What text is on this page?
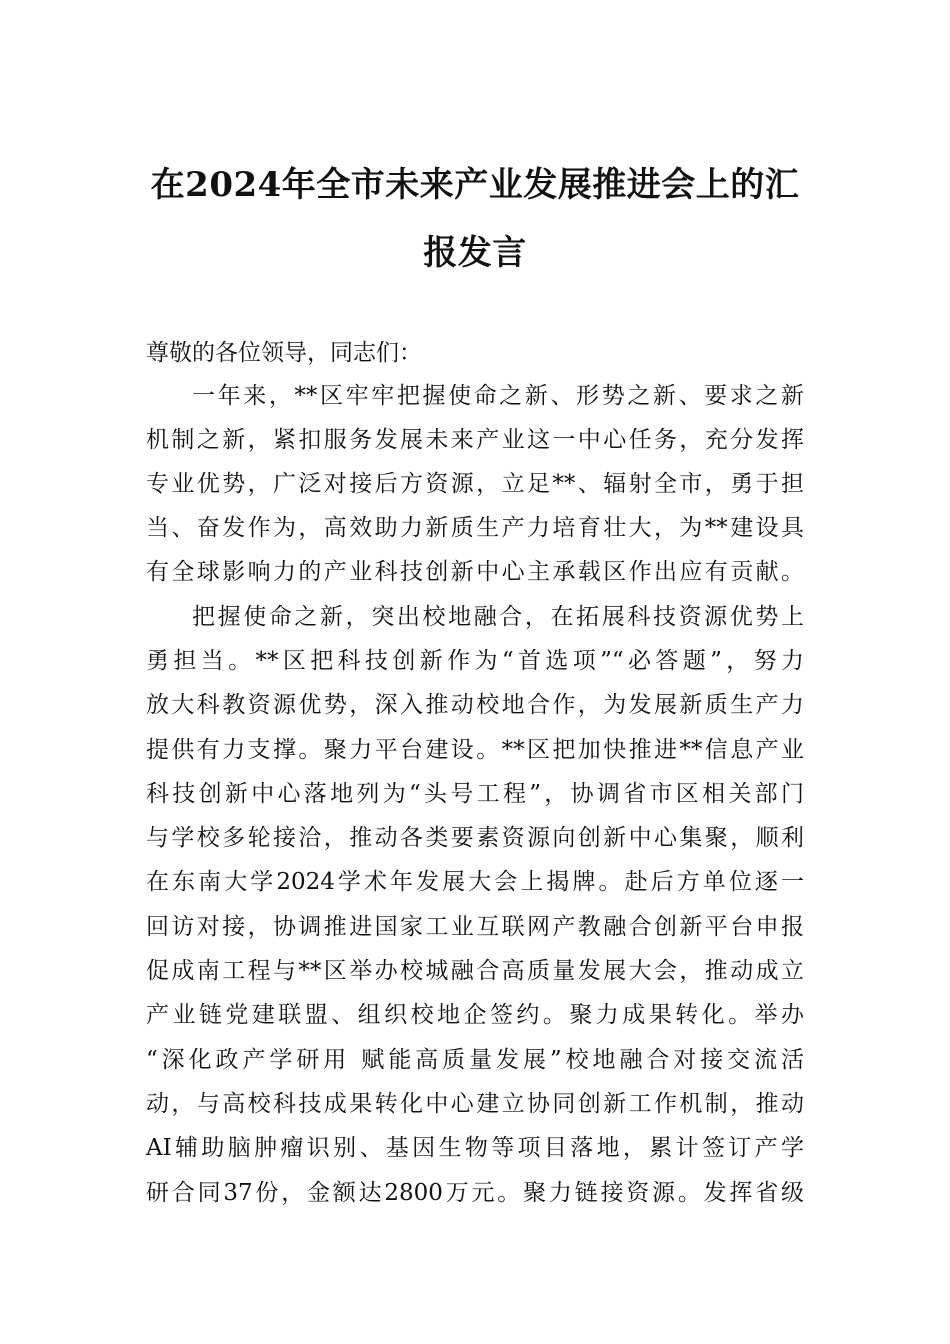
在2024年全市未来产业发展推进会上的汇
报发言
尊敬的各位领导，同志们：
一年来，**区牢牢把握使命之新、形势之新、要求之新
机制之新，紧扣服务发展未来产业这一中心任务，充分发挥
专业优势，广泛对接后方资源，立足**、辐射全市，勇于担
当、奋发作为，高效助力新质生产力培育壮大，为**建设具
有全球影响力的产业科技创新中心主承载区作出应有贡献。
把握使命之新，突出校地融合，在拓展科技资源优势上
勇担当。**区把科技创新作为“首选项”“必答题”，努力
放大科教资源优势，深入推动校地合作，为发展新质生产力
提供有力支撑。聚力平台建设。**区把加快推进**信息产业
科技创新中心落地列为“头号工程”，协调省市区相关部门
与学校多轮接洽，推动各类要素资源向创新中心集聚，顺利
在东南大学2024学术年发展大会上揭牌。赴后方单位逐一
回访对接，协调推进国家工业互联网产教融合创新平台申报
促成南工程与**区举办校城融合高质量发展大会，推动成立
产业链党建联盟、组织校地企签约。聚力成果转化。举办
“深化政产学研用 赋能高质量发展”校地融合对接交流活
动，与高校科技成果转化中心建立协同创新工作机制，推动
AI辅助脑肿瘤识别、基因生物等项目落地，累计签订产学
研合同37份，金额达2800万元。聚力链接资源。发挥省级
